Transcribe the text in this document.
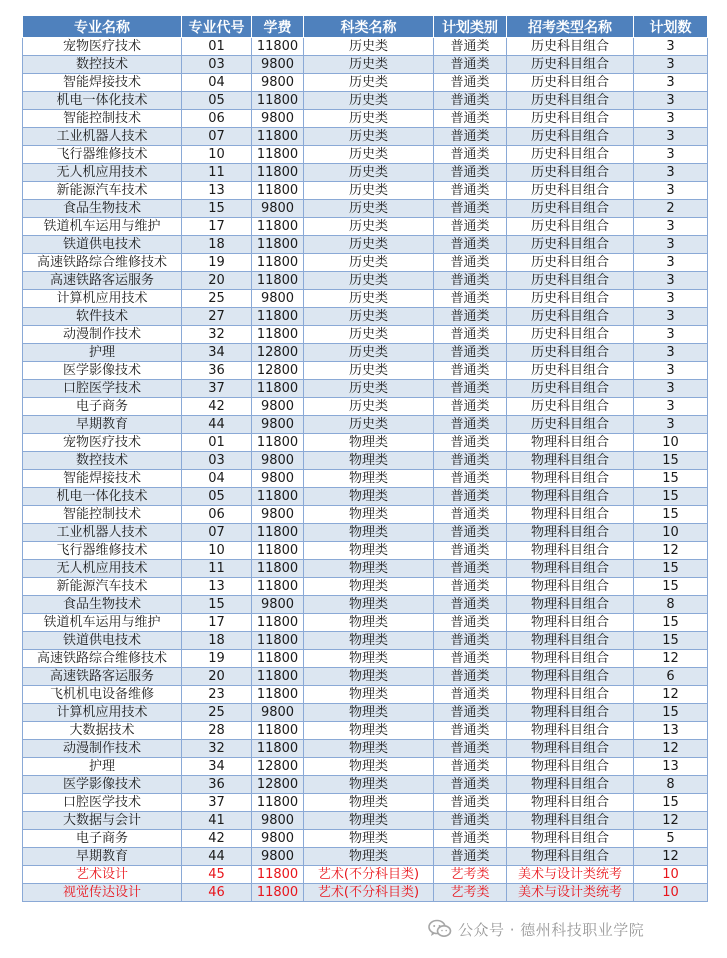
专业名称	专业代号	学费	科类名称	计划类别	招考类型名称	计划数
宠物医疗技术	01	11800	历史类	普通类	历史科目组合	3
数控技术	03	9800	历史类	普通类	历史科目组合	3
智能焊接技术	04	9800	历史类	普通类	历史科目组合	3
机电一体化技术	05	11800	历史类	普通类	历史科目组合	3
智能控制技术	06	9800	历史类	普通类	历史科目组合	3
工业机器人技术	07	11800	历史类	普通类	历史科目组合	3
飞行器维修技术	10	11800	历史类	普通类	历史科目组合	3
无人机应用技术	11	11800	历史类	普通类	历史科目组合	3
新能源汽车技术	13	11800	历史类	普通类	历史科目组合	3
食品生物技术	15	9800	历史类	普通类	历史科目组合	2
铁道机车运用与维护	17	11800	历史类	普通类	历史科目组合	3
铁道供电技术	18	11800	历史类	普通类	历史科目组合	3
高速铁路综合维修技术	19	11800	历史类	普通类	历史科目组合	3
高速铁路客运服务	20	11800	历史类	普通类	历史科目组合	3
计算机应用技术	25	9800	历史类	普通类	历史科目组合	3
软件技术	27	11800	历史类	普通类	历史科目组合	3
动漫制作技术	32	11800	历史类	普通类	历史科目组合	3
护理	34	12800	历史类	普通类	历史科目组合	3
医学影像技术	36	12800	历史类	普通类	历史科目组合	3
口腔医学技术	37	11800	历史类	普通类	历史科目组合	3
电子商务	42	9800	历史类	普通类	历史科目组合	3
早期教育	44	9800	历史类	普通类	历史科目组合	3
宠物医疗技术	01	11800	物理类	普通类	物理科目组合	10
数控技术	03	9800	物理类	普通类	物理科目组合	15
智能焊接技术	04	9800	物理类	普通类	物理科目组合	15
机电一体化技术	05	11800	物理类	普通类	物理科目组合	15
智能控制技术	06	9800	物理类	普通类	物理科目组合	15
工业机器人技术	07	11800	物理类	普通类	物理科目组合	10
飞行器维修技术	10	11800	物理类	普通类	物理科目组合	12
无人机应用技术	11	11800	物理类	普通类	物理科目组合	15
新能源汽车技术	13	11800	物理类	普通类	物理科目组合	15
食品生物技术	15	9800	物理类	普通类	物理科目组合	8
铁道机车运用与维护	17	11800	物理类	普通类	物理科目组合	15
铁道供电技术	18	11800	物理类	普通类	物理科目组合	15
高速铁路综合维修技术	19	11800	物理类	普通类	物理科目组合	12
高速铁路客运服务	20	11800	物理类	普通类	物理科目组合	6
飞机机电设备维修	23	11800	物理类	普通类	物理科目组合	12
计算机应用技术	25	9800	物理类	普通类	物理科目组合	15
大数据技术	28	11800	物理类	普通类	物理科目组合	13
动漫制作技术	32	11800	物理类	普通类	物理科目组合	12
护理	34	12800	物理类	普通类	物理科目组合	13
医学影像技术	36	12800	物理类	普通类	物理科目组合	8
口腔医学技术	37	11800	物理类	普通类	物理科目组合	15
大数据与会计	41	9800	物理类	普通类	物理科目组合	12
电子商务	42	9800	物理类	普通类	物理科目组合	5
早期教育	44	9800	物理类	普通类	物理科目组合	12
艺术设计	45	11800	艺术(不分科目类)	艺考类	美术与设计类统考	10
视觉传达设计	46	11800	艺术(不分科目类)	艺考类	美术与设计类统考	10
公众号 · 德州科技职业学院
